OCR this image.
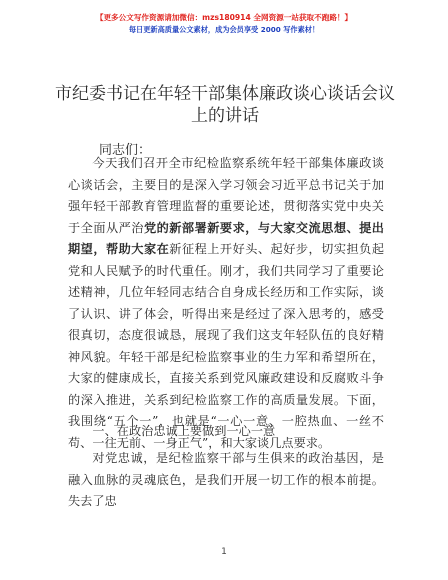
【更多公文写作资源请加微信：mzs180914 全网资源一站获取不跑路！】
每日更新高质量公文素材，成为会员享受 2000 写作素材！
市纪委书记在年轻干部集体廉政谈心谈话会议上的讲话
同志们：
今天我们召开全市纪检监察系统年轻干部集体廉政谈心谈话会，主要目的是深入学习领会习近平总书记关于加强年轻干部教育管理监督的重要论述，贯彻落实党中央关于全面从严治党的新部署新要求，与大家交流思想、提出期望，帮助大家在新征程上开好头、起好步，切实担负起党和人民赋予的时代重任。刚才，我们共同学习了重要论述精神，几位年轻同志结合自身成长经历和工作实际，谈了认识、讲了体会，听得出来是经过了深入思考的，感受很真切，态度很诚恳，展现了我们这支年轻队伍的良好精神风貌。年轻干部是纪检监察事业的生力军和希望所在，大家的健康成长，直接关系到党风廉政建设和反腐败斗争的深入推进，关系到纪检监察工作的高质量发展。下面，我围绕“五个一”，也就是“一心一意、一腔热血、一丝不苟、一往无前、一身正气”，和大家谈几点要求。
一、在政治忠诚上要做到一心一意
对党忠诚，是纪检监察干部与生俱来的政治基因，是融入血脉的灵魂底色，是我们开展一切工作的根本前提。失去了忠
1
